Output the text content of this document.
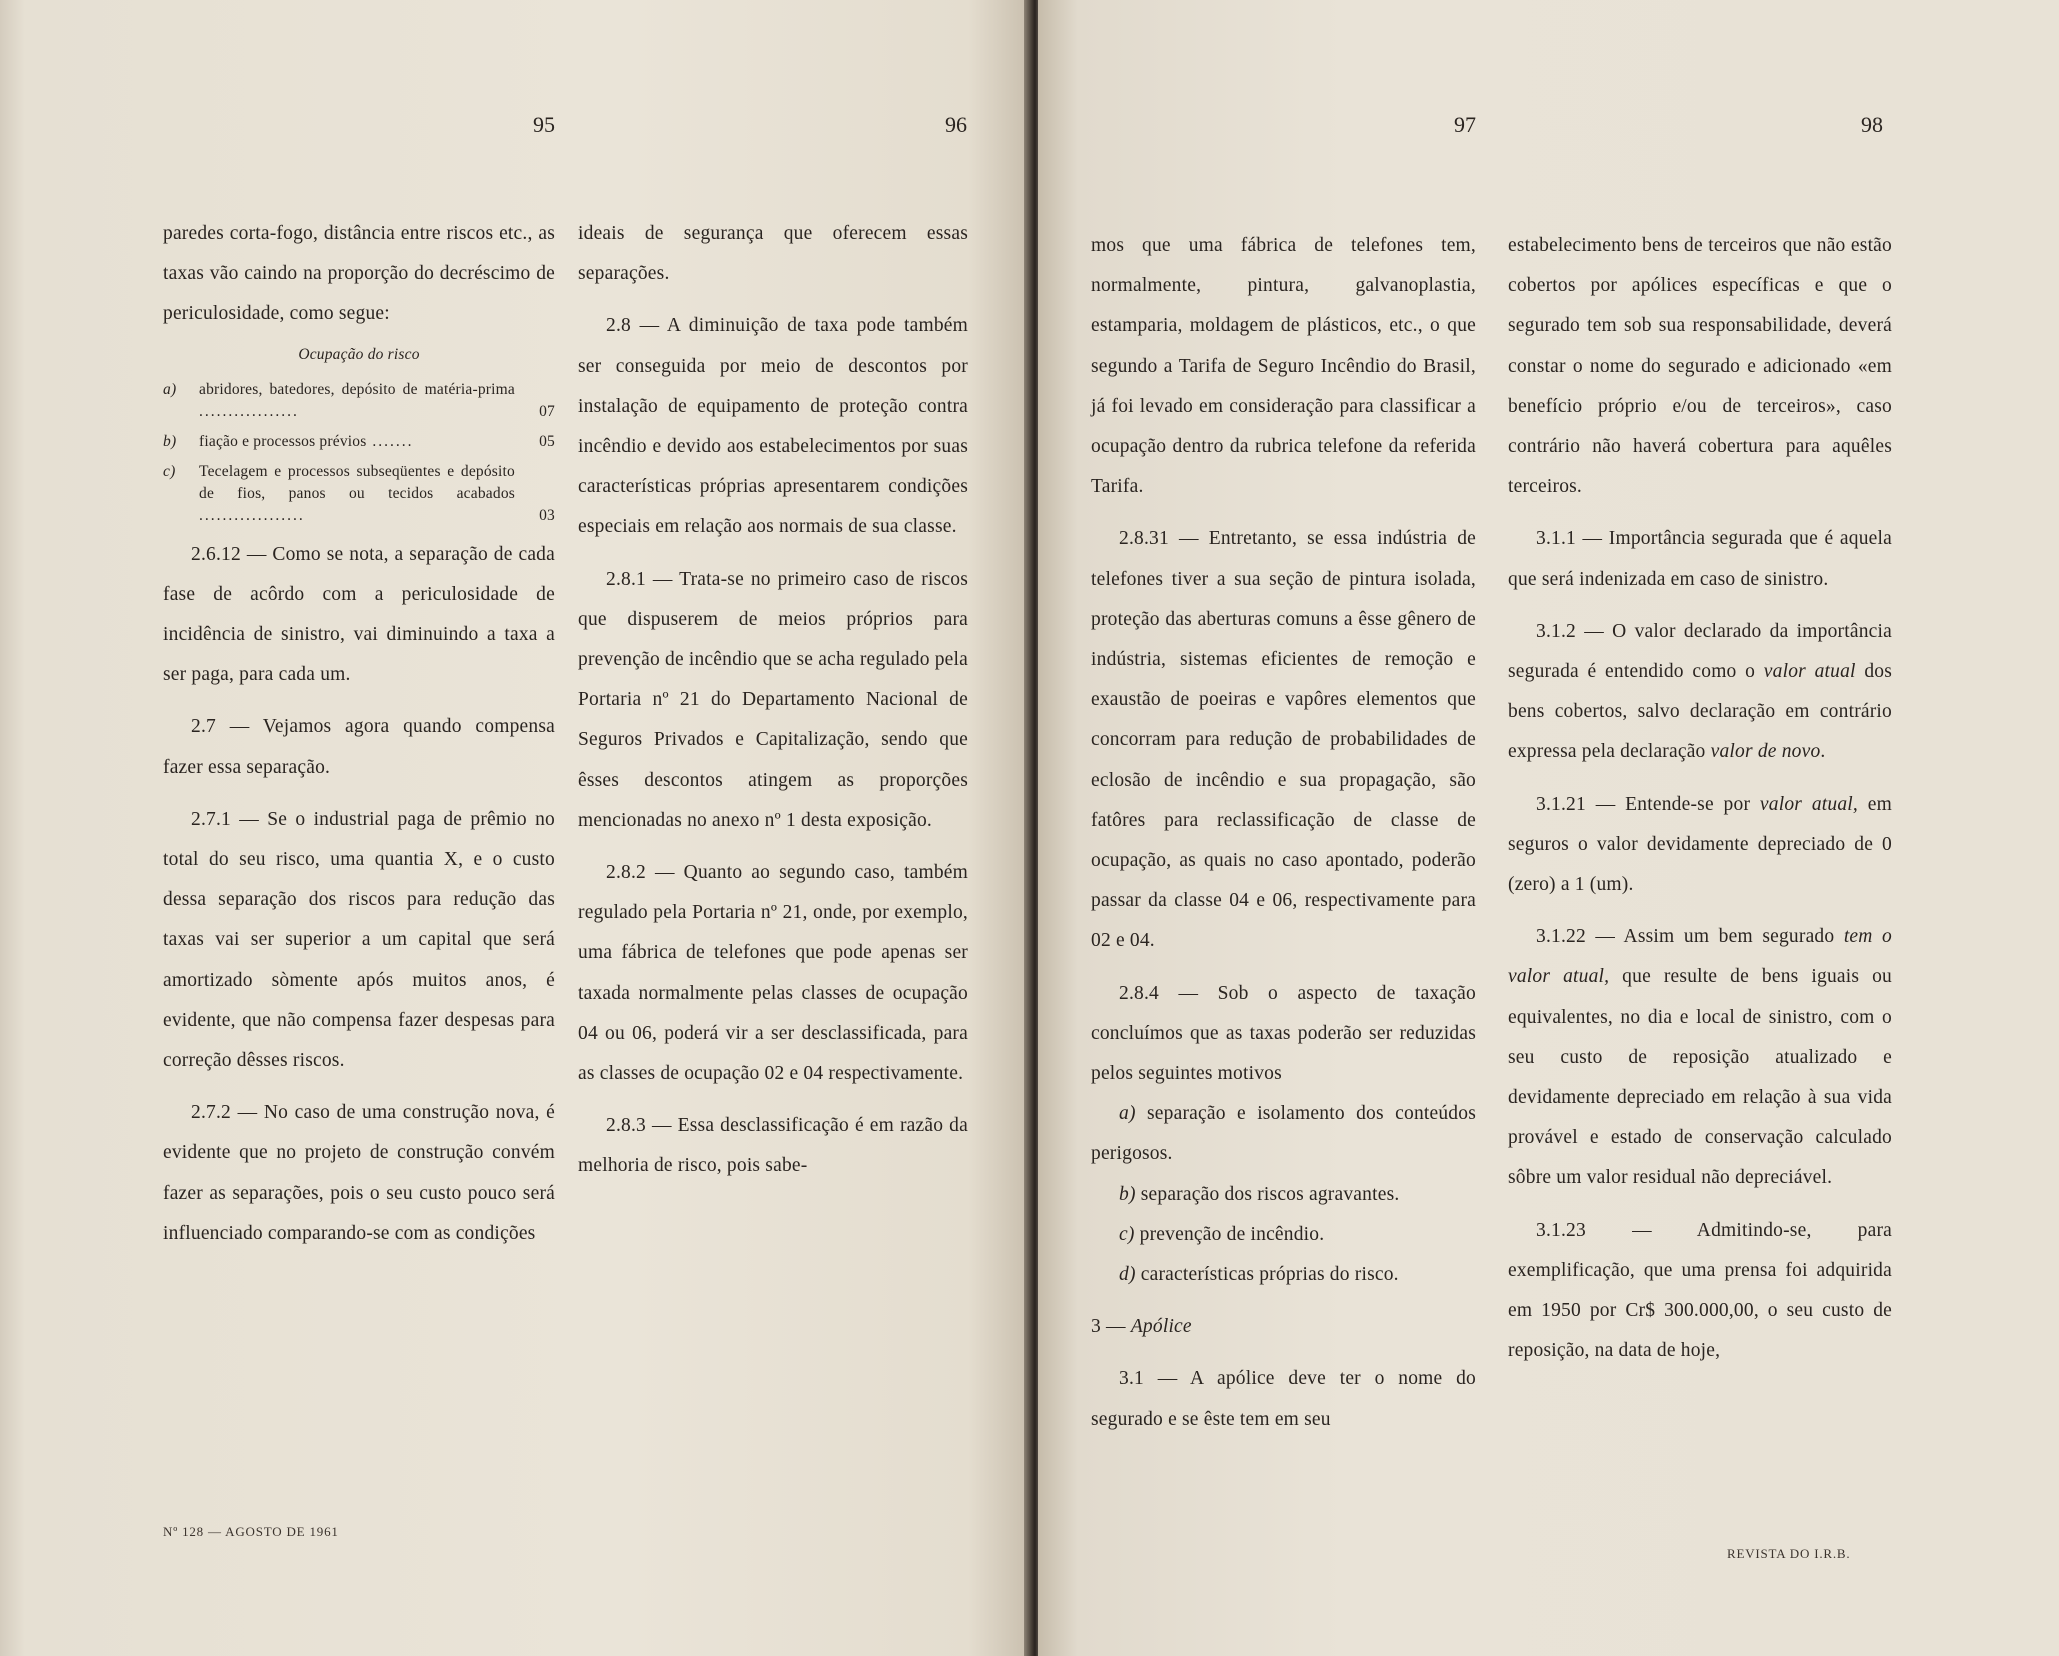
95	96

paredes corta-fogo, distância entre riscos etc., as taxas vão caindo na proporção do decréscimo de periculosidade, como segue:

Ocupação do risco

a) abridores, batedores, depósito de matéria-prima .................	07
b) fiação e processos prévios .......	05
c) Tecelagem e processos subseqüentes e depósito de fios, panos ou tecidos acabados ..................	03

2.6.12 — Como se nota, a separação de cada fase de acôrdo com a periculosidade de incidência de sinistro, vai diminuindo a taxa a ser paga, para cada um.

2.7 — Vejamos agora quando compensa fazer essa separação.

2.7.1 — Se o industrial paga de prêmio no total do seu risco, uma quantia X, e o custo dessa separação dos riscos para redução das taxas vai ser superior a um capital que será amortizado sòmente após muitos anos, é evidente, que não compensa fazer despesas para correção dêsses riscos.

2.7.2 — No caso de uma construção nova, é evidente que no projeto de construção convém fazer as separações, pois o seu custo pouco será influenciado comparando-se com as condições

ideais de segurança que oferecem essas separações.

2.8 — A diminuição de taxa pode também ser conseguida por meio de descontos por instalação de equipamento de proteção contra incêndio e devido aos estabelecimentos por suas características próprias apresentarem condições especiais em relação aos normais de sua classe.

2.8.1 — Trata-se no primeiro caso de riscos que dispuserem de meios próprios para prevenção de incêndio que se acha regulado pela Portaria nº 21 do Departamento Nacional de Seguros Privados e Capitalização, sendo que êsses descontos atingem as proporções mencionadas no anexo nº 1 desta exposição.

2.8.2 — Quanto ao segundo caso, também regulado pela Portaria nº 21, onde, por exemplo, uma fábrica de telefones que pode apenas ser taxada normalmente pelas classes de ocupação 04 ou 06, poderá vir a ser desclassificada, para as classes de ocupação 02 e 04 respectivamente.

2.8.3 — Essa desclassificação é em razão da melhoria de risco, pois sabe-

Nº 128 — AGOSTO DE 1961
97	98

mos que uma fábrica de telefones tem, normalmente, pintura, galvanoplastia, estamparia, moldagem de plásticos, etc., o que segundo a Tarifa de Seguro Incêndio do Brasil, já foi levado em consideração para classificar a ocupação dentro da rubrica telefone da referida Tarifa.

2.8.31 — Entretanto, se essa indústria de telefones tiver a sua seção de pintura isolada, proteção das aberturas comuns a êsse gênero de indústria, sistemas eficientes de remoção e exaustão de poeiras e vapôres elementos que concorram para redução de probabilidades de eclosão de incêndio e sua propagação, são fatôres para reclassificação de classe de ocupação, as quais no caso apontado, poderão passar da classe 04 e 06, respectivamente para 02 e 04.

2.8.4 — Sob o aspecto de taxação concluímos que as taxas poderão ser reduzidas pelos seguintes motivos

a) separação e isolamento dos conteúdos perigosos.

b) separação dos riscos agravantes.

c) prevenção de incêndio.

d) características próprias do risco.

3 — Apólice

3.1 — A apólice deve ter o nome do segurado e se êste tem em seu

estabelecimento bens de terceiros que não estão cobertos por apólices específicas e que o segurado tem sob sua responsabilidade, deverá constar o nome do segurado e adicionado «em benefício próprio e/ou de terceiros», caso contrário não haverá cobertura para aquêles terceiros.

3.1.1 — Importância segurada que é aquela que será indenizada em caso de sinistro.

3.1.2 — O valor declarado da importância segurada é entendido como o valor atual dos bens cobertos, salvo declaração em contrário expressa pela declaração valor de novo.

3.1.21 — Entende-se por valor atual, em seguros o valor devidamente depreciado de 0 (zero) a 1 (um).

3.1.22 — Assim um bem segurado tem o valor atual, que resulte de bens iguais ou equivalentes, no dia e local de sinistro, com o seu custo de reposição atualizado e devidamente depreciado em relação à sua vida provável e estado de conservação calculado sôbre um valor residual não depreciável.

3.1.23 — Admitindo-se, para exemplificação, que uma prensa foi adquirida em 1950 por Cr$ 300.000,00, o seu custo de reposição, na data de hoje,

REVISTA DO I.R.B.
